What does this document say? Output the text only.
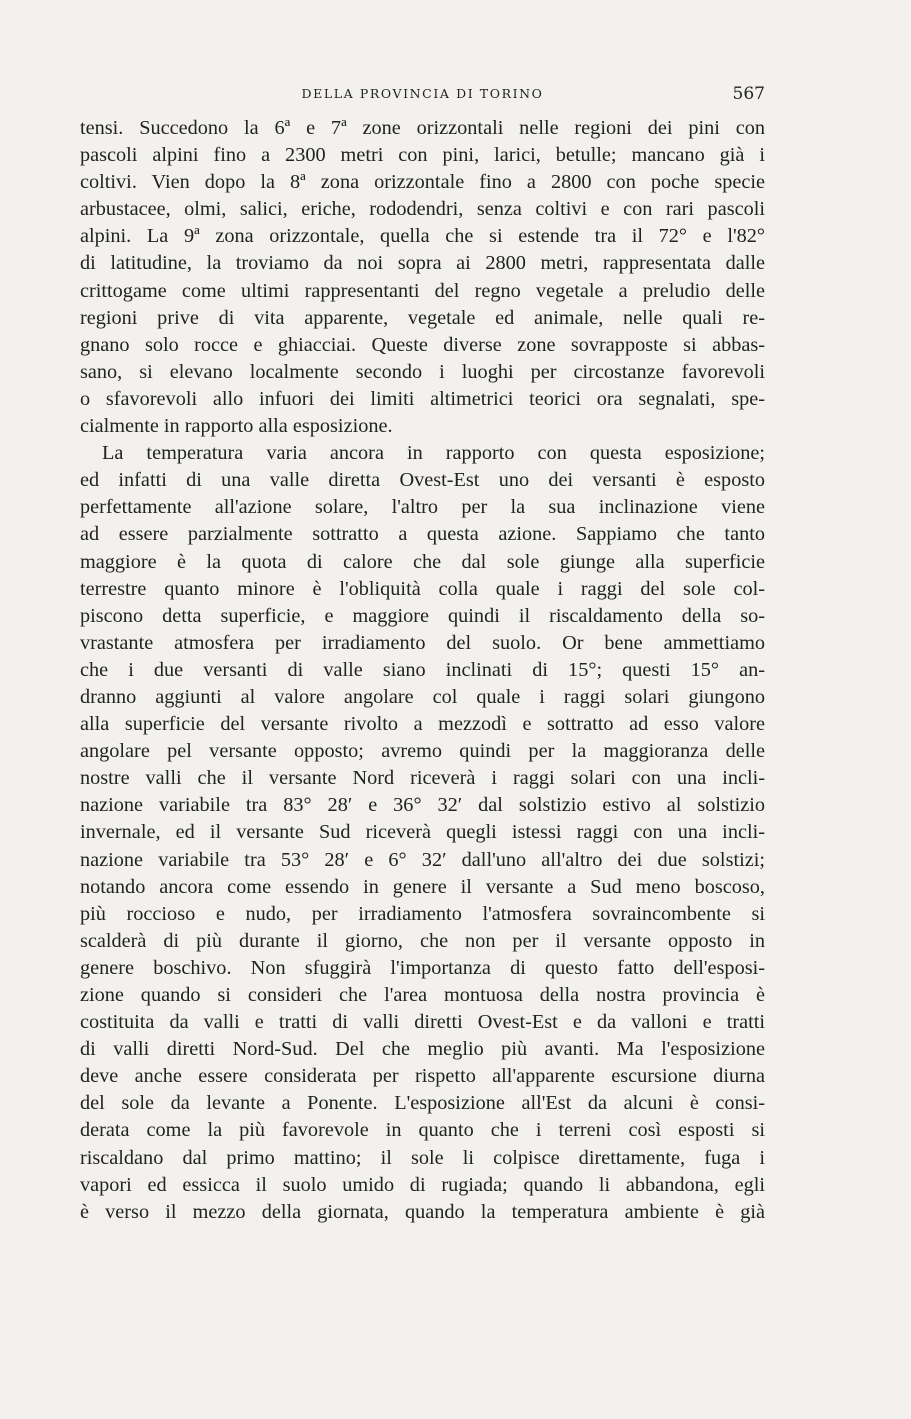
DELLA PROVINCIA DI TORINO	567
tensi. Succedono la 6ª e 7ª zone orizzontali nelle regioni dei pini con
pascoli alpini fino a 2300 metri con pini, larici, betulle; mancano già i
coltivi. Vien dopo la 8ª zona orizzontale fino a 2800 con poche specie
arbustacee, olmi, salici, eriche, rododendri, senza coltivi e con rari pascoli
alpini. La 9ª zona orizzontale, quella che si estende tra il 72° e l'82°
di latitudine, la troviamo da noi sopra ai 2800 metri, rappresentata dalle
crittogame come ultimi rappresentanti del regno vegetale a preludio delle
regioni prive di vita apparente, vegetale ed animale, nelle quali re-
gnano solo rocce e ghiacciai. Queste diverse zone sovrapposte si abbas-
sano, si elevano localmente secondo i luoghi per circostanze favorevoli
o sfavorevoli allo infuori dei limiti altimetrici teorici ora segnalati, spe-
cialmente in rapporto alla esposizione.
La temperatura varia ancora in rapporto con questa esposizione;
ed infatti di una valle diretta Ovest-Est uno dei versanti è esposto
perfettamente all'azione solare, l'altro per la sua inclinazione viene
ad essere parzialmente sottratto a questa azione. Sappiamo che tanto
maggiore è la quota di calore che dal sole giunge alla superficie
terrestre quanto minore è l'obliquità colla quale i raggi del sole col-
piscono detta superficie, e maggiore quindi il riscaldamento della so-
vrastante atmosfera per irradiamento del suolo. Or bene ammettiamo
che i due versanti di valle siano inclinati di 15°; questi 15° an-
dranno aggiunti al valore angolare col quale i raggi solari giungono
alla superficie del versante rivolto a mezzodì e sottratto ad esso valore
angolare pel versante opposto; avremo quindi per la maggioranza delle
nostre valli che il versante Nord riceverà i raggi solari con una incli-
nazione variabile tra 83° 28′ e 36° 32′ dal solstizio estivo al solstizio
invernale, ed il versante Sud riceverà quegli istessi raggi con una incli-
nazione variabile tra 53° 28′ e 6° 32′ dall'uno all'altro dei due solstizi;
notando ancora come essendo in genere il versante a Sud meno boscoso,
più roccioso e nudo, per irradiamento l'atmosfera sovraincombente si
scalderà di più durante il giorno, che non per il versante opposto in
genere boschivo. Non sfuggirà l'importanza di questo fatto dell'esposi-
zione quando si consideri che l'area montuosa della nostra provincia è
costituita da valli e tratti di valli diretti Ovest-Est e da valloni e tratti
di valli diretti Nord-Sud. Del che meglio più avanti. Ma l'esposizione
deve anche essere considerata per rispetto all'apparente escursione diurna
del sole da levante a Ponente. L'esposizione all'Est da alcuni è consi-
derata come la più favorevole in quanto che i terreni così esposti si
riscaldano dal primo mattino; il sole li colpisce direttamente, fuga i
vapori ed essicca il suolo umido di rugiada; quando li abbandona, egli
è verso il mezzo della giornata, quando la temperatura ambiente è già
